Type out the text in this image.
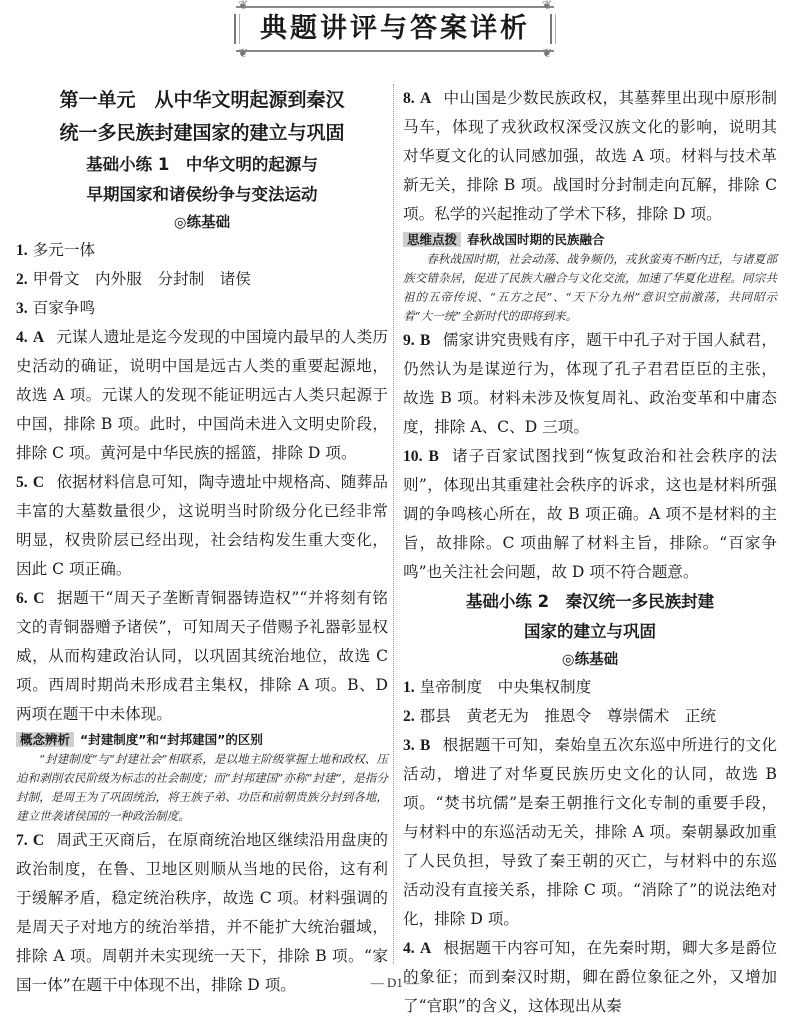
❦	❦
❦	❦
典题讲评与答案详析
第一单元　从中华文明起源到秦汉
统一多民族封建国家的建立与巩固
基础小练 1　中华文明的起源与
早期国家和诸侯纷争与变法运动
◎练基础

1. 多元一体

2. 甲骨文　内外服　分封制　诸侯

3. 百家争鸣

4. A 元谋人遗址是迄今发现的中国境内最早的人类历史活动的确证，说明中国是远古人类的重要起源地，故选 A 项。元谋人的发现不能证明远古人类只起源于中国，排除 B 项。此时，中国尚未进入文明史阶段，排除 C 项。黄河是中华民族的摇篮，排除 D 项。

5. C 依据材料信息可知，陶寺遗址中规格高、随葬品丰富的大墓数量很少，这说明当时阶级分化已经非常明显，权贵阶层已经出现，社会结构发生重大变化，因此 C 项正确。

6. C 据题干“周天子垄断青铜器铸造权”“并将刻有铭文的青铜器赠予诸侯”，可知周天子借赐予礼器彰显权威，从而构建政治认同，以巩固其统治地位，故选 C 项。西周时期尚未形成君主集权，排除 A 项。B、D 两项在题干中未体现。

概念辨析 “封建制度”和“封邦建国”的区别

“封建制度”与“封建社会”相联系，是以地主阶级掌握土地和政权、压迫和剥削农民阶级为标志的社会制度；而“封邦建国”亦称“封建”，是指分封制，是周王为了巩固统治，将王族子弟、功臣和前朝贵族分封到各地，建立世袭诸侯国的一种政治制度。

7. C 周武王灭商后，在原商统治地区继续沿用盘庚的政治制度，在鲁、卫地区则顺从当地的民俗，这有利于缓解矛盾，稳定统治秩序，故选 C 项。材料强调的是周天子对地方的统治举措，并不能扩大统治疆域，排除 A 项。周朝并未实现统一天下，排除 B 项。“家国一体”在题干中体现不出，排除 D 项。

8. A 中山国是少数民族政权，其墓葬里出现中原形制马车，体现了戎狄政权深受汉族文化的影响，说明其对华夏文化的认同感加强，故选 A 项。材料与技术革新无关，排除 B 项。战国时分封制走向瓦解，排除 C 项。私学的兴起推动了学术下移，排除 D 项。

思维点拨 春秋战国时期的民族融合

春秋战国时期，社会动荡、战争频仍，戎狄蛮夷不断内迁，与诸夏部族交错杂居，促进了民族大融合与文化交流，加速了华夏化进程。同宗共祖的五帝传说、“五方之民”、“天下分九州”意识空前激荡，共同昭示着“大一统”全新时代的即将到来。

9. B 儒家讲究贵贱有序，题干中孔子对于国人弑君，仍然认为是谋逆行为，体现了孔子君君臣臣的主张，故选 B 项。材料未涉及恢复周礼、政治变革和中庸态度，排除 A、C、D 三项。

10. B 诸子百家试图找到“恢复政治和社会秩序的法则”，体现出其重建社会秩序的诉求，这也是材料所强调的争鸣核心所在，故 B 项正确。A 项不是材料的主旨，故排除。C 项曲解了材料主旨，排除。“百家争鸣”也关注社会问题，故 D 项不符合题意。

基础小练 2　秦汉统一多民族封建
国家的建立与巩固
◎练基础

1. 皇帝制度　中央集权制度

2. 郡县　黄老无为　推恩令　尊崇儒术　正统

3. B 根据题干可知，秦始皇五次东巡中所进行的文化活动，增进了对华夏民族历史文化的认同，故选 B 项。“焚书坑儒”是秦王朝推行文化专制的重要手段，与材料中的东巡活动无关，排除 A 项。秦朝暴政加重了人民负担，导致了秦王朝的灭亡，与材料中的东巡活动没有直接关系，排除 C 项。“消除了”的说法绝对化，排除 D 项。

4. A 根据题干内容可知，在先秦时期，卿大多是爵位的象征；而到秦汉时期，卿在爵位象征之外，又增加了“官职”的含义，这体现出从秦

— D1 —
